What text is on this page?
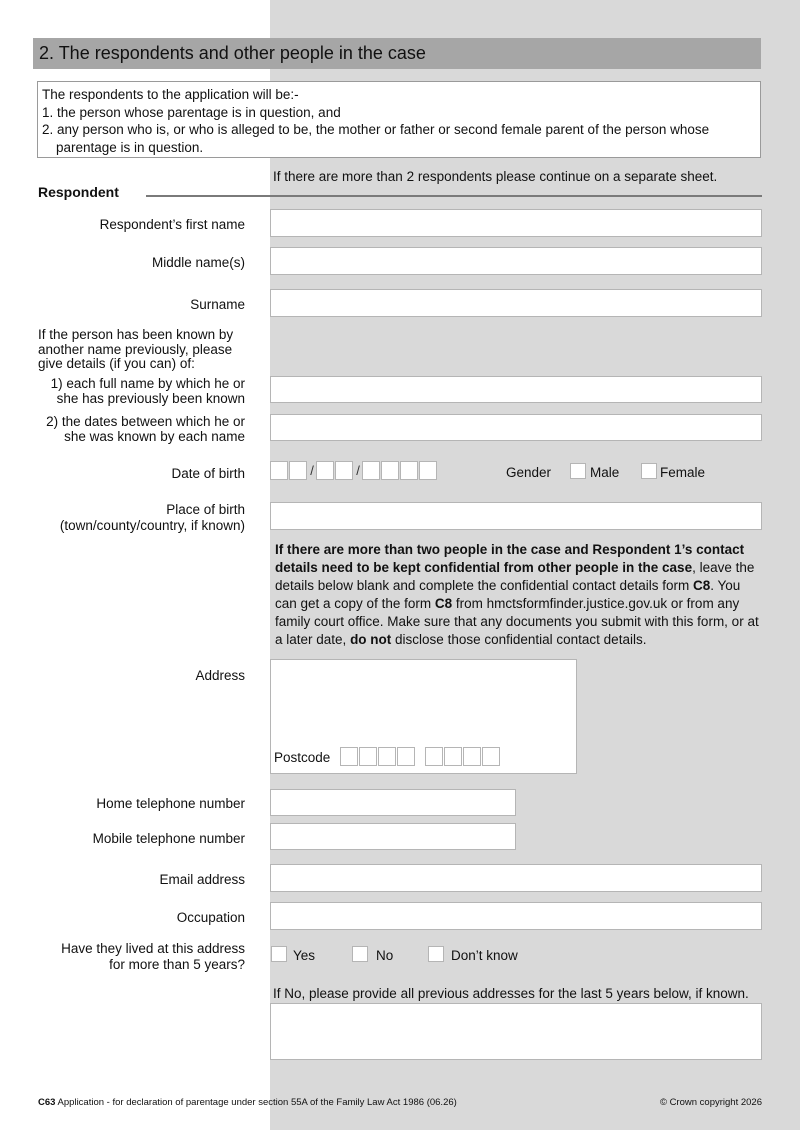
2. The respondents and other people in the case
The respondents to the application will be:-
1. the person whose parentage is in question, and
2. any person who is, or who is alleged to be, the mother or father or second female parent of the person whose
parentage is in question.
If there are more than 2 respondents please continue on a separate sheet.
Respondent
Respondent’s first name
Middle name(s)
Surname
If the person has been known by
another name previously, please
give details (if you can) of:
1) each full name by which he or
she has previously been known
2) the dates between which he or
she was known by each name
Date of birth	/	/	Gender	Male	Female
Place of birth
(town/county/country, if known)
If there are more than two people in the case and Respondent 1’s contact details need to be kept confidential from other people in the case, leave the details below blank and complete the confidential contact details form C8. You can get a copy of the form C8 from hmctsformfinder.justice.gov.uk or from any family court office. Make sure that any documents you submit with this form, or at a later date, do not disclose those confidential contact details.
Address
Postcode
Home telephone number
Mobile telephone number
Email address
Occupation
Have they lived at this address
for more than 5 years?
Yes	No	Don’t know
If No, please provide all previous addresses for the last 5 years below, if known.
C63 Application - for declaration of parentage under section 55A of the Family Law Act 1986 (06.26)	© Crown copyright 2026
